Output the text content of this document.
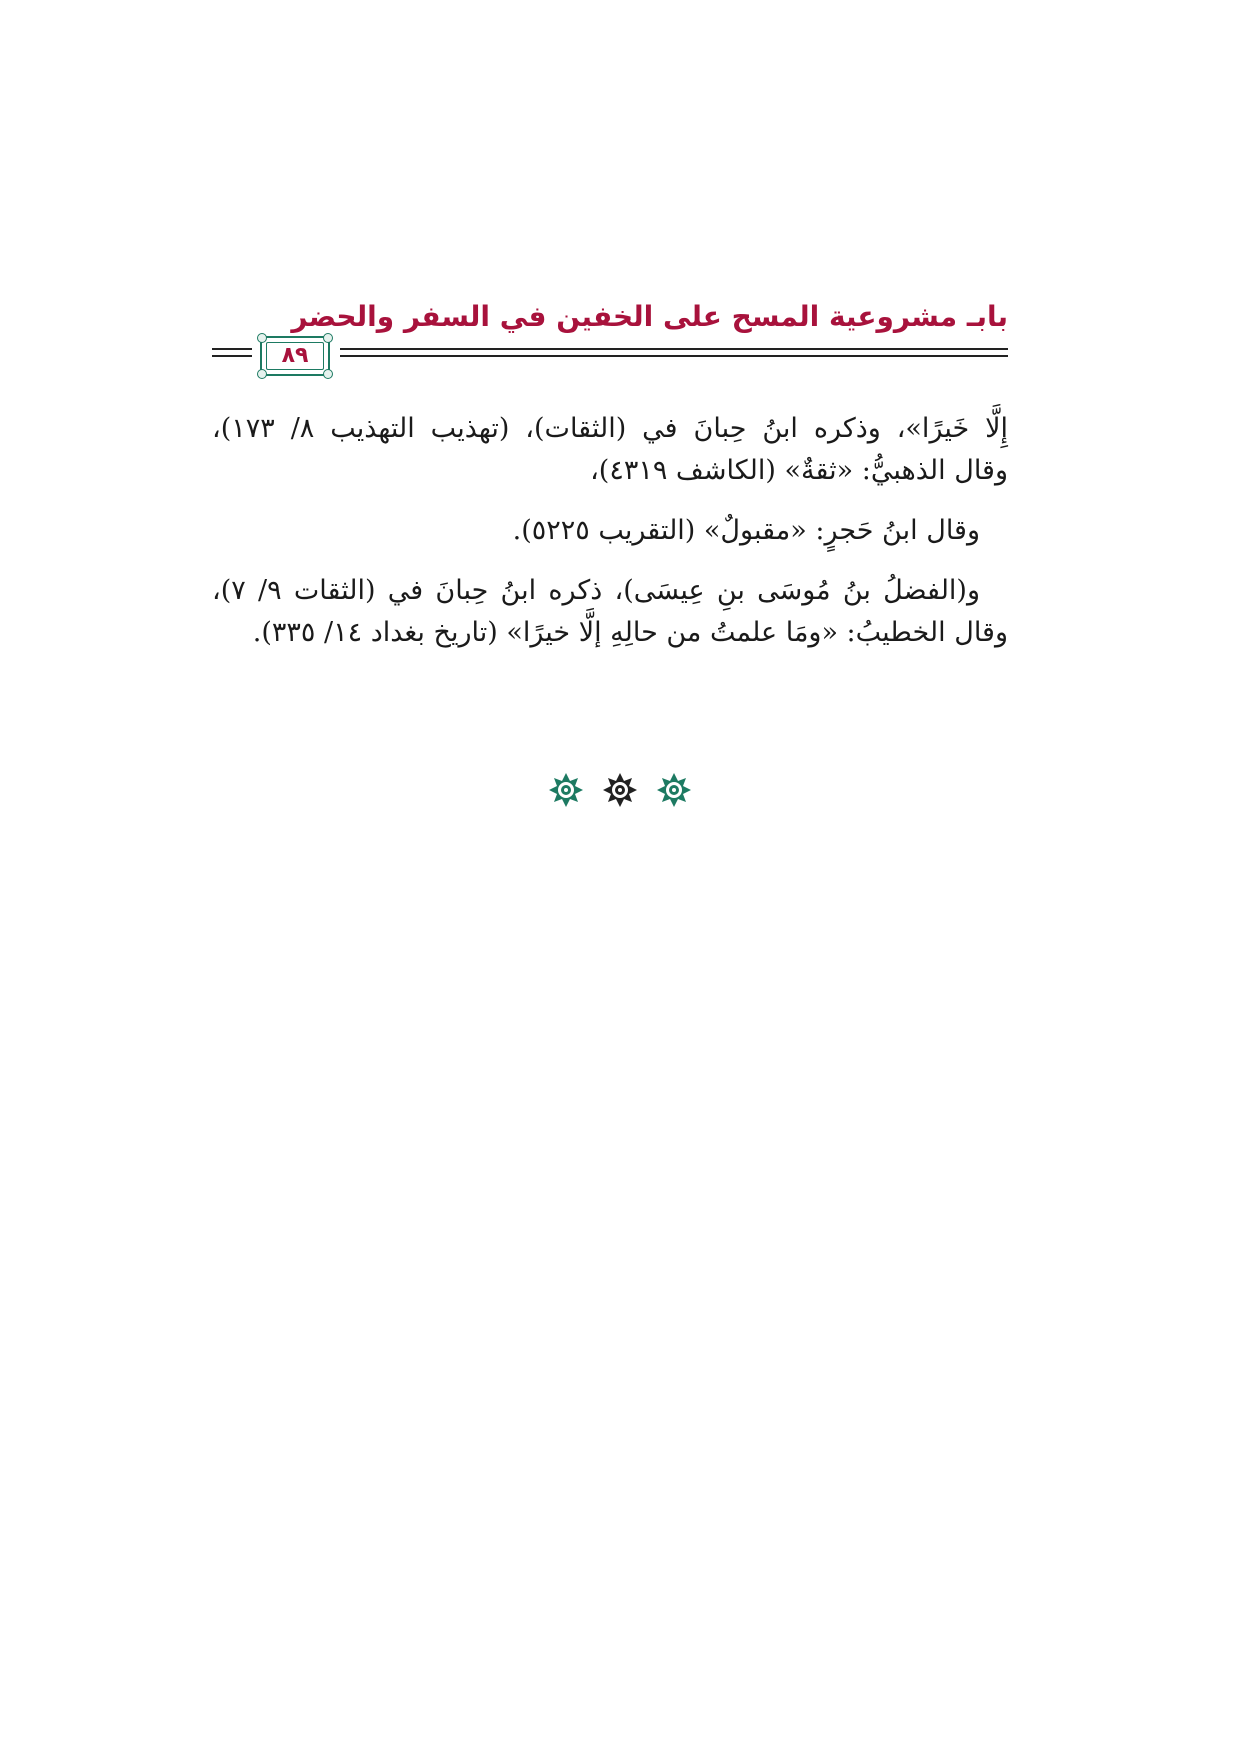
بابـ مشروعية المسح على الخفين في السفر والحضر
٨٩

إِلَّا خَيرًا»، وذكره ابنُ حِبانَ في (الثقات)، (تهذيب التهذيب ٨/ ١٧٣)،

وقال الذهبيُّ: «ثقةٌ» (الكاشف ٤٣١٩)،

وقال ابنُ حَجرٍ: «مقبولٌ» (التقريب ٥٢٢٥).

و(الفضلُ بنُ مُوسَى بنِ عِيسَى)، ذكره ابنُ حِبانَ في (الثقات ٩/ ٧)،

وقال الخطيبُ: «ومَا علمتُ من حالِهِ إلَّا خيرًا» (تاريخ بغداد ١٤/ ٣٣٥).
